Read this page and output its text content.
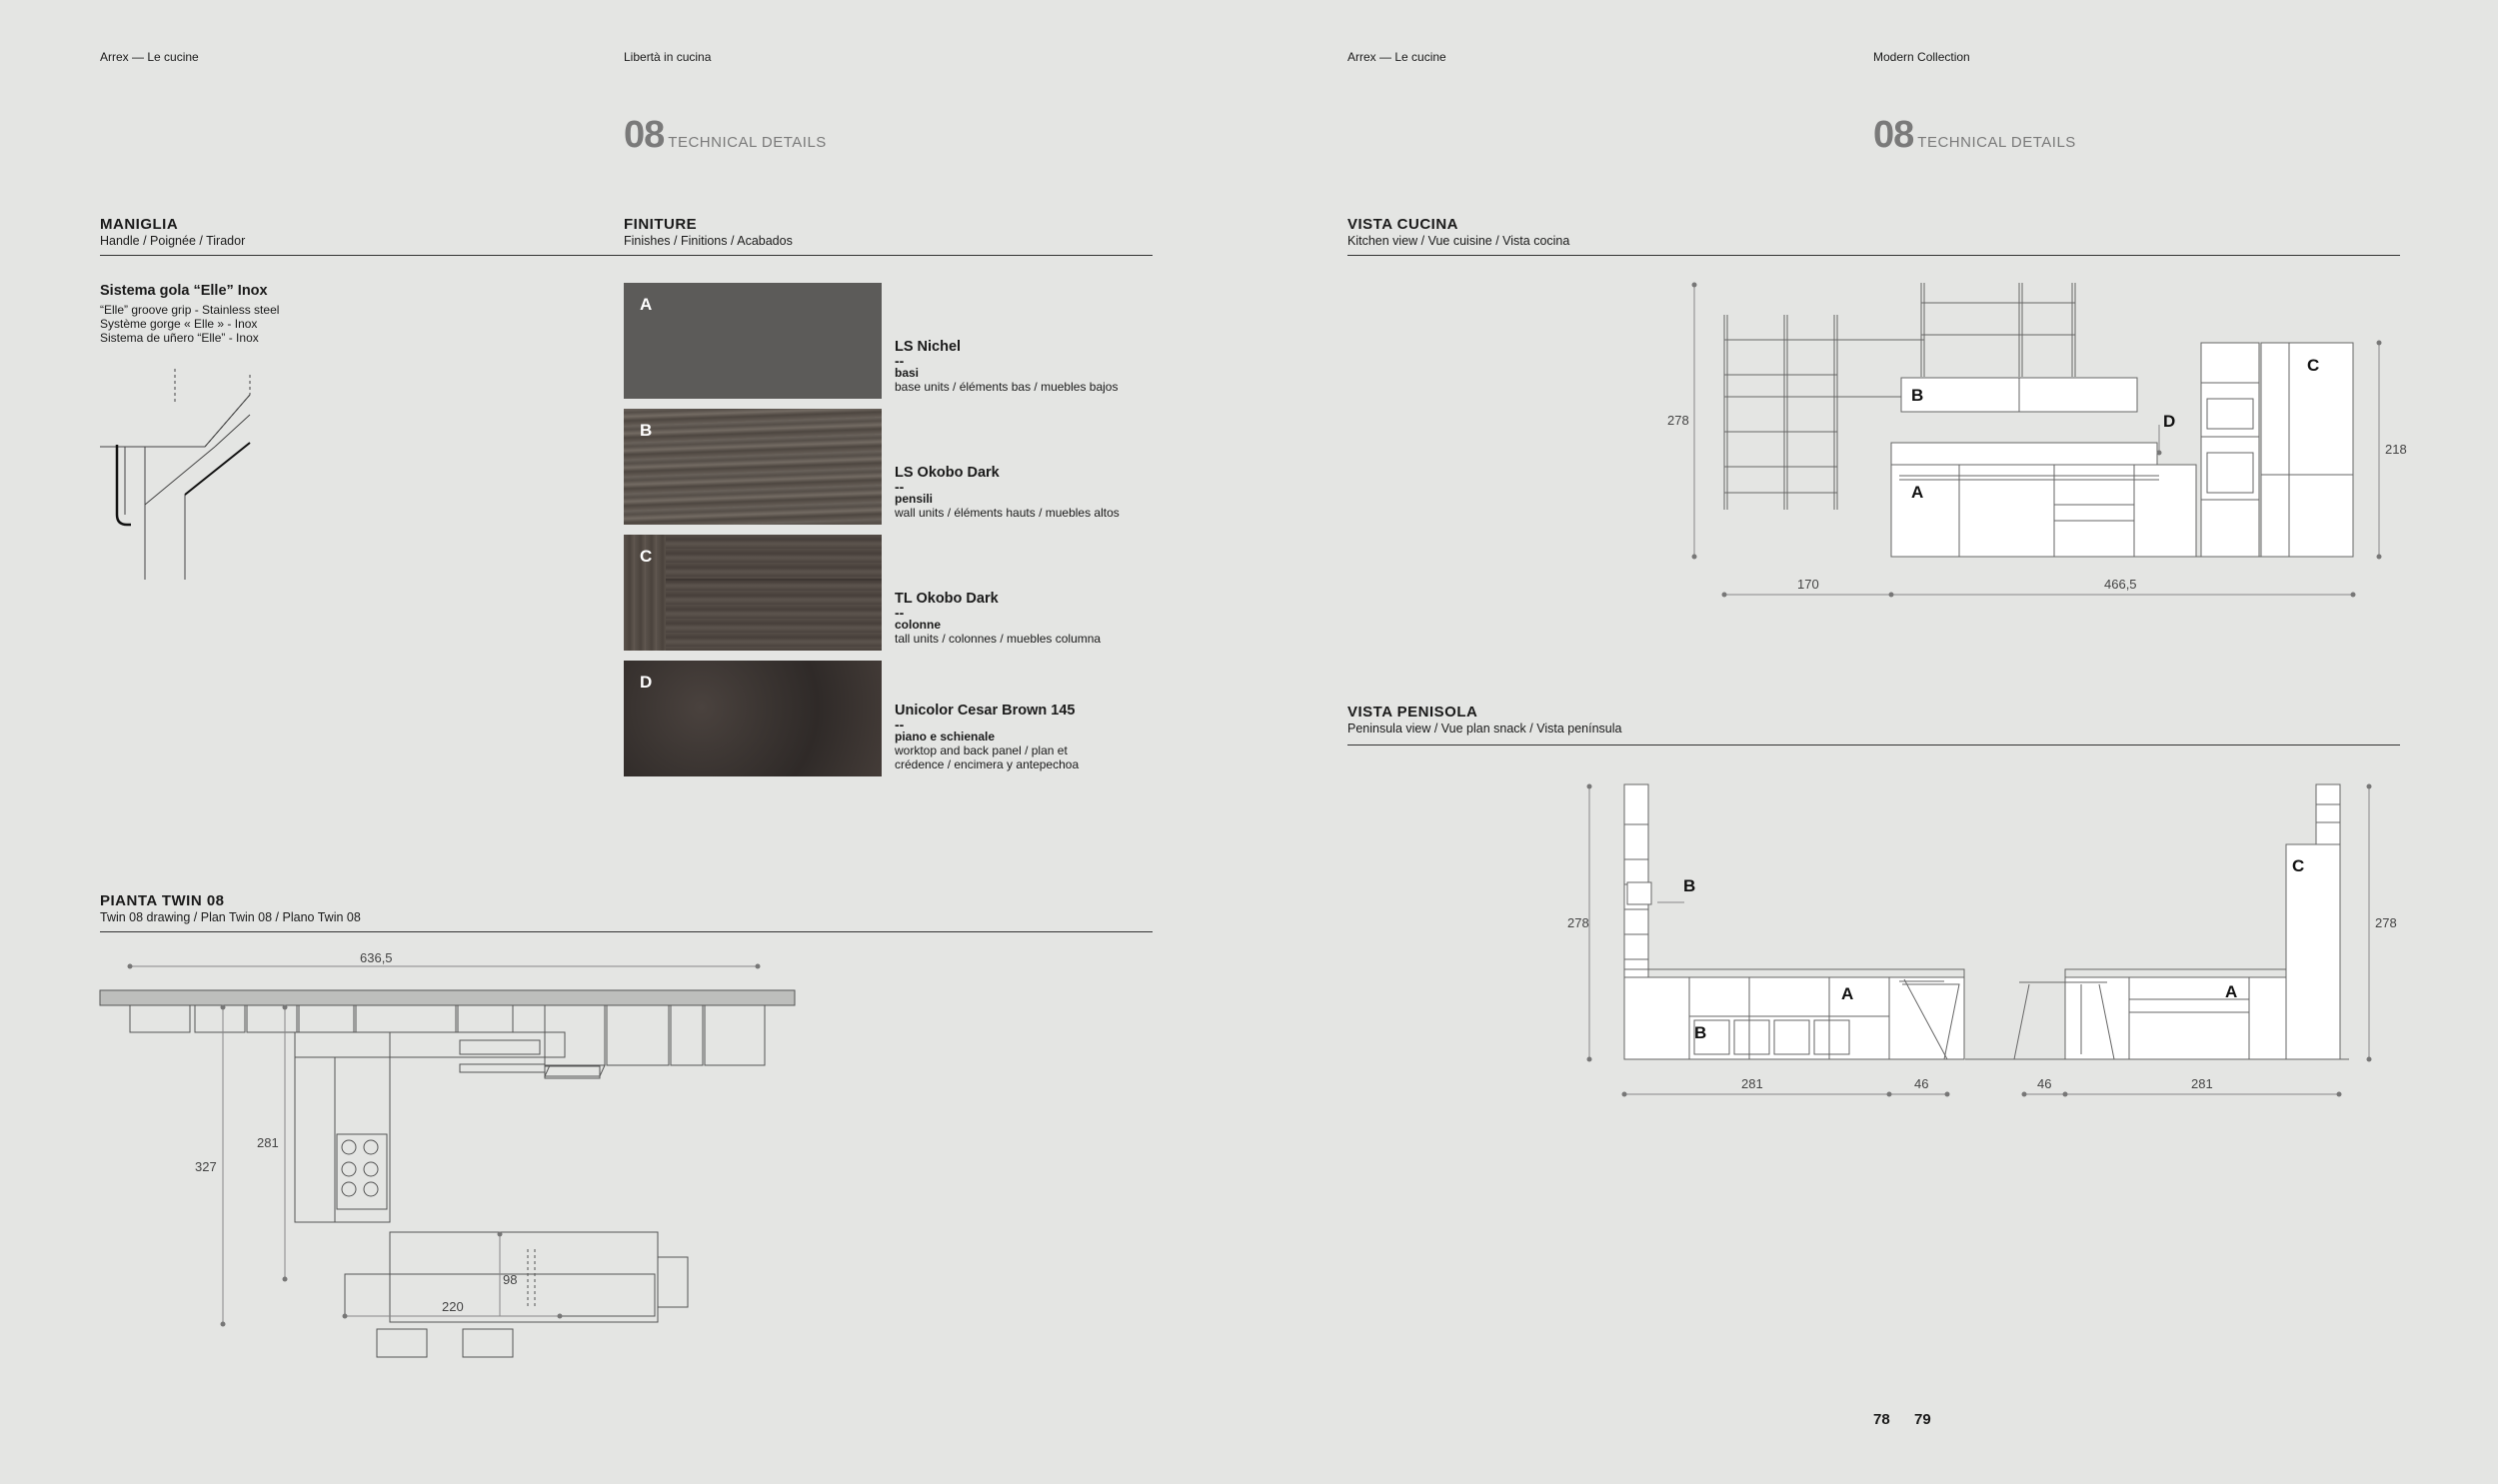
Arrex — Le cucine	Libertà in cucina	Arrex — Le cucine	Modern Collection
08 TECHNICAL DETAILS	08 TECHNICAL DETAILS
MANIGLIA
Handle / Poignée / Tirador
FINITURE
Finishes / Finitions / Acabados
Sistema gola “Elle” Inox
“Elle” groove grip - Stainless steel
Système gorge « Elle » - Inox
Sistema de uñero “Elle” - Inox
A
B
C
D
LS Nichel
--
basi
base units / éléments bas / muebles bajos
LS Okobo Dark
--
pensili
wall units / éléments hauts / muebles altos
TL Okobo Dark
--
colonne
tall units / colonnes / muebles columna
Unicolor Cesar Brown 145
--
piano e schienale
worktop and back panel / plan et
crédence / encimera y antepechoa
PIANTA TWIN 08
Twin 08 drawing / Plan Twin 08 / Plano Twin 08
636,5
327
281
220
98
VISTA CUCINA
Kitchen view / Vue cuisine / Vista cocina
B
A
C
D
278
218
170	466,5
VISTA PENISOLA
Peninsula view / Vue plan snack / Vista península
B
A
B
C
A
278	278
281	46	46	281
78 79
